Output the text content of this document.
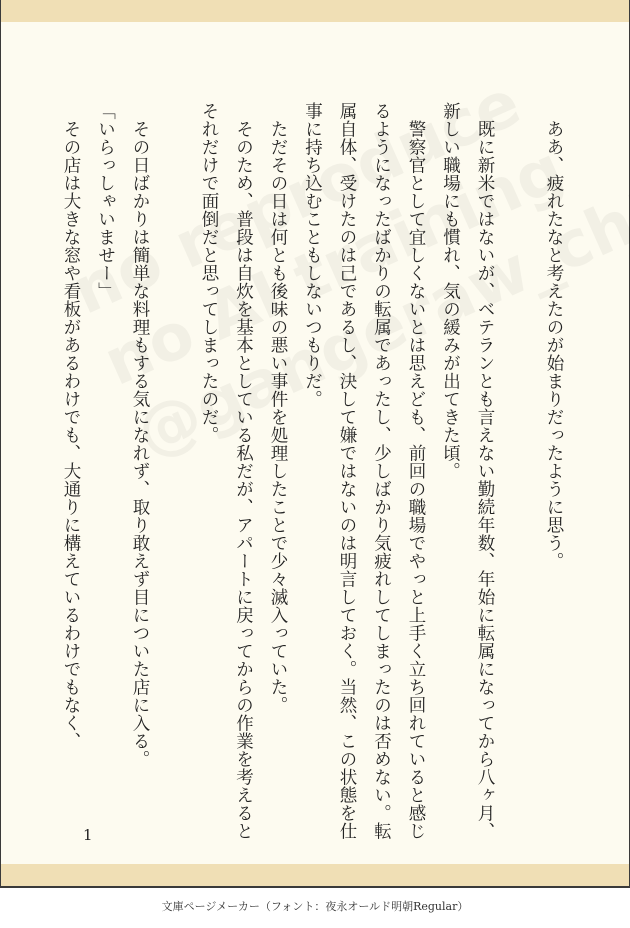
ああ、疲れたなと考えたのが始まりだったように思う。

既に新米ではないが、ベテランとも言えない勤続年数、年始に転属になってから八ヶ月、新しい職場にも慣れ、気の緩みが出てきた頃。

警察官として宜しくないとは思えども、前回の職場でやっと上手く立ち回れていると感じるようになったばかりの転属であったし、少しばかり気疲れしてしまったのは否めない。転属自体、受けたのは己であるし、決して嫌ではないのは明言しておく。当然、この状態を仕事に持ち込むこともしないつもりだ。

ただその日は何とも後味の悪い事件を処理したことで少々滅入っていた。

そのため、普段は自炊を基本としている私だが、アパートに戻ってからの作業を考えるとそれだけで面倒だと思ってしまったのだ。

その日ばかりは簡単な料理もする気になれず、取り敢えず目についた店に入る。

「いらっしゃいませー」

その店は大きな窓や看板があるわけでも、大通りに構えているわけでもなく、

1
文庫ページメーカー（フォント：夜永オールド明朝Regular）
